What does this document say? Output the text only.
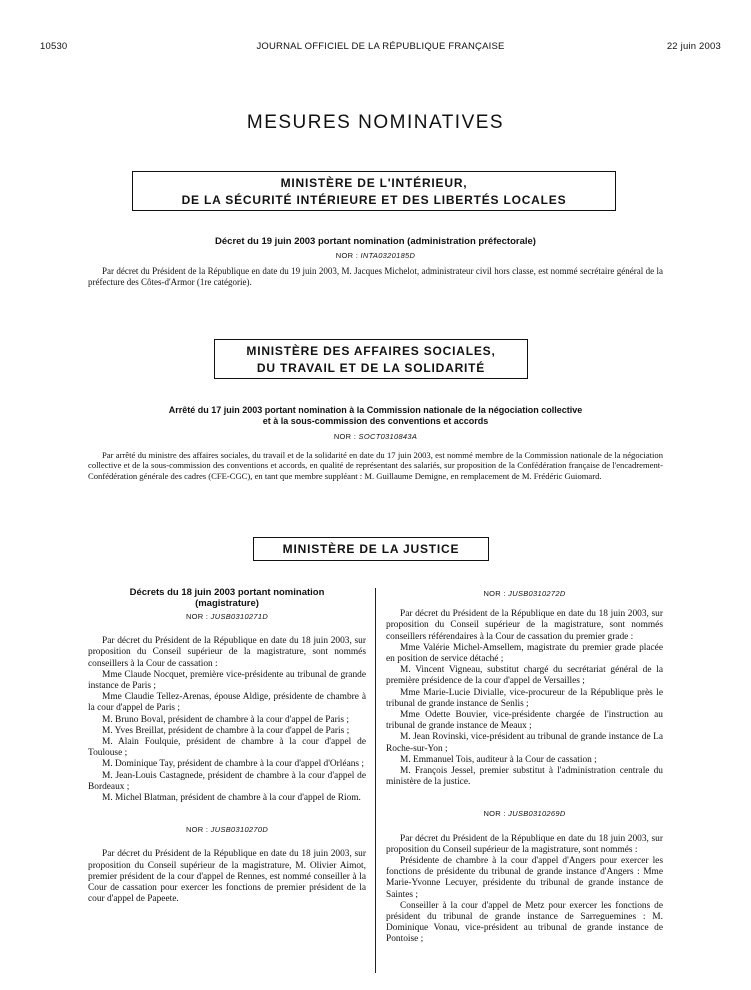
10530	JOURNAL OFFICIEL DE LA RÉPUBLIQUE FRANÇAISE	22 juin 2003
MESURES NOMINATIVES
MINISTÈRE DE L'INTÉRIEUR,
DE LA SÉCURITÉ INTÉRIEURE ET DES LIBERTÉS LOCALES
Décret du 19 juin 2003 portant nomination (administration préfectorale)
NOR : INTA0320185D
Par décret du Président de la République en date du 19 juin 2003, M. Jacques Michelot, administrateur civil hors classe, est nommé secrétaire général de la préfecture des Côtes-d'Armor (1re catégorie).
MINISTÈRE DES AFFAIRES SOCIALES,
DU TRAVAIL ET DE LA SOLIDARITÉ
Arrêté du 17 juin 2003 portant nomination à la Commission nationale de la négociation collective
et à la sous-commission des conventions et accords
NOR : SOCT0310843A
Par arrêté du ministre des affaires sociales, du travail et de la solidarité en date du 17 juin 2003, est nommé membre de la Commission nationale de la négociation collective et de la sous-commission des conventions et accords, en qualité de représentant des salariés, sur proposition de la Confédération française de l'encadrement-Confédération générale des cadres (CFE-CGC), en tant que membre suppléant : M. Guillaume Demigne, en remplacement de M. Frédéric Guiomard.
MINISTÈRE DE LA JUSTICE
Décrets du 18 juin 2003 portant nomination
(magistrature)
NOR : JUSB0310271D

Par décret du Président de la République en date du 18 juin 2003, sur proposition du Conseil supérieur de la magistrature, sont nommés conseillers à la Cour de cassation :

Mme Claude Nocquet, première vice-présidente au tribunal de grande instance de Paris ;

Mme Claudie Tellez-Arenas, épouse Aldige, présidente de chambre à la cour d'appel de Paris ;

M. Bruno Boval, président de chambre à la cour d'appel de Paris ;

M. Yves Breillat, président de chambre à la cour d'appel de Paris ;

M. Alain Foulquie, président de chambre à la cour d'appel de Toulouse ;

M. Dominique Tay, président de chambre à la cour d'appel d'Orléans ;

M. Jean-Louis Castagnede, président de chambre à la cour d'appel de Bordeaux ;

M. Michel Blatman, président de chambre à la cour d'appel de Riom.

NOR : JUSB0310270D

Par décret du Président de la République en date du 18 juin 2003, sur proposition du Conseil supérieur de la magistrature, M. Olivier Aimot, premier président de la cour d'appel de Rennes, est nommé conseiller à la Cour de cassation pour exercer les fonctions de premier président de la cour d'appel de Papeete.

NOR : JUSB0310272D

Par décret du Président de la République en date du 18 juin 2003, sur proposition du Conseil supérieur de la magistrature, sont nommés conseillers référendaires à la Cour de cassation du premier grade :

Mme Valérie Michel-Amsellem, magistrate du premier grade placée en position de service détaché ;

M. Vincent Vigneau, substitut chargé du secrétariat général de la première présidence de la cour d'appel de Versailles ;

Mme Marie-Lucie Divialle, vice-procureur de la République près le tribunal de grande instance de Senlis ;

Mme Odette Bouvier, vice-présidente chargée de l'instruction au tribunal de grande instance de Meaux ;

M. Jean Rovinski, vice-président au tribunal de grande instance de La Roche-sur-Yon ;

M. Emmanuel Tois, auditeur à la Cour de cassation ;

M. François Jessel, premier substitut à l'administration centrale du ministère de la justice.

NOR : JUSB0310269D

Par décret du Président de la République en date du 18 juin 2003, sur proposition du Conseil supérieur de la magistrature, sont nommés :

Présidente de chambre à la cour d'appel d'Angers pour exercer les fonctions de présidente du tribunal de grande instance d'Angers : Mme Marie-Yvonne Lecuyer, présidente du tribunal de grande instance de Saintes ;

Conseiller à la cour d'appel de Metz pour exercer les fonctions de président du tribunal de grande instance de Sarreguemines : M. Dominique Vonau, vice-président au tribunal de grande instance de Pontoise ;
